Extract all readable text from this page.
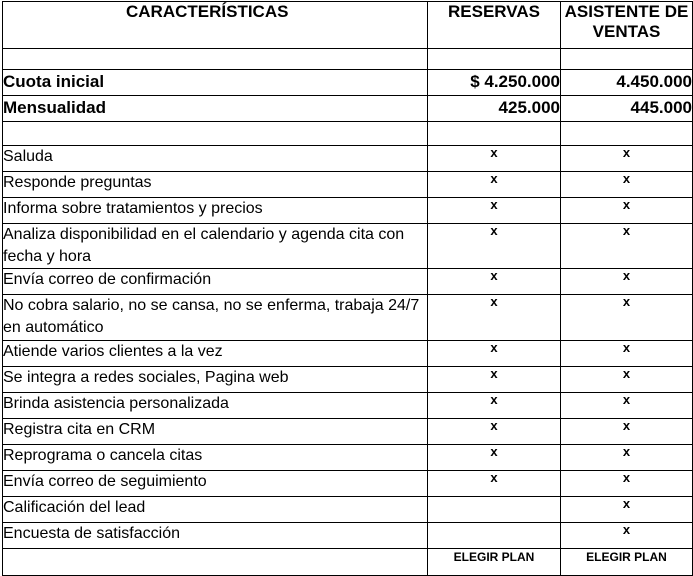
CARACTERÍSTICAS	RESERVAS	ASISTENTE DE VENTAS

Cuota inicial	$ 4.250.000	4.450.000
Mensualidad	425.000	445.000

Saluda	x	x
Responde preguntas	x	x
Informa sobre tratamientos y precios	x	x
Analiza disponibilidad en el calendario y agenda cita con fecha y hora	x	x
Envía correo de confirmación	x	x
No cobra salario, no se cansa, no se enferma, trabaja 24/7 en automático	x	x
Atiende varios clientes a la vez	x	x
Se integra a redes sociales, Pagina web	x	x
Brinda asistencia personalizada	x	x
Registra cita en CRM	x	x
Reprograma o cancela citas	x	x
Envía correo de seguimiento	x	x
Calificación del lead		x
Encuesta de satisfacción		x
	ELEGIR PLAN	ELEGIR PLAN
